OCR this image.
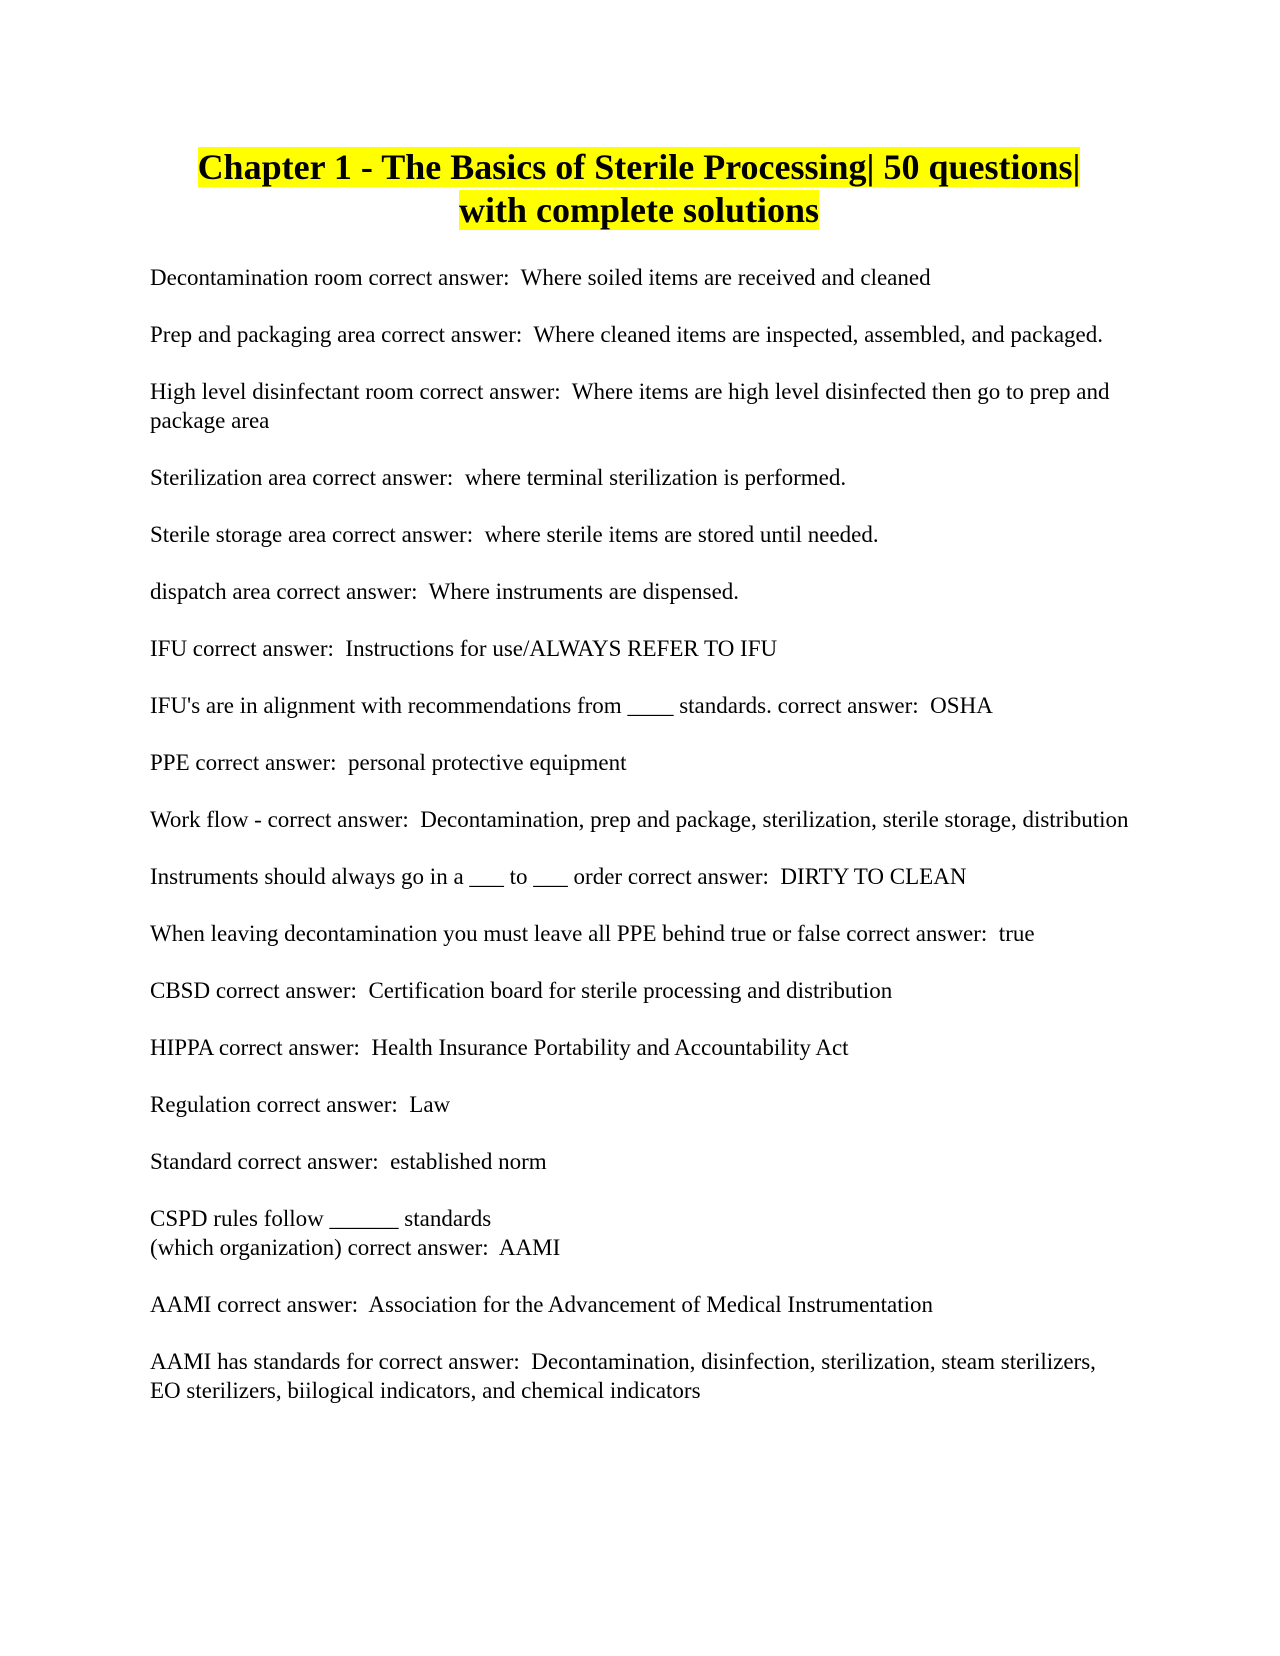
Chapter 1 - The Basics of Sterile Processing| 50 questions|
with complete solutions
Decontamination room correct answer:  Where soiled items are received and cleaned
Prep and packaging area correct answer:  Where cleaned items are inspected, assembled, and packaged.
High level disinfectant room correct answer:  Where items are high level disinfected then go to prep and package area
Sterilization area correct answer:  where terminal sterilization is performed.
Sterile storage area correct answer:  where sterile items are stored until needed.
dispatch area correct answer:  Where instruments are dispensed.
IFU correct answer:  Instructions for use/ALWAYS REFER TO IFU
IFU's are in alignment with recommendations from ____ standards. correct answer:  OSHA
PPE correct answer:  personal protective equipment
Work flow - correct answer:  Decontamination, prep and package, sterilization, sterile storage, distribution
Instruments should always go in a ___ to ___ order correct answer:  DIRTY TO CLEAN
When leaving decontamination you must leave all PPE behind true or false correct answer:  true
CBSD correct answer:  Certification board for sterile processing and distribution
HIPPA correct answer:  Health Insurance Portability and Accountability Act
Regulation correct answer:  Law
Standard correct answer:  established norm
CSPD rules follow ______ standards
(which organization) correct answer:  AAMI
AAMI correct answer:  Association for the Advancement of Medical Instrumentation
AAMI has standards for correct answer:  Decontamination, disinfection, sterilization, steam sterilizers, EO sterilizers, biilogical indicators, and chemical indicators
